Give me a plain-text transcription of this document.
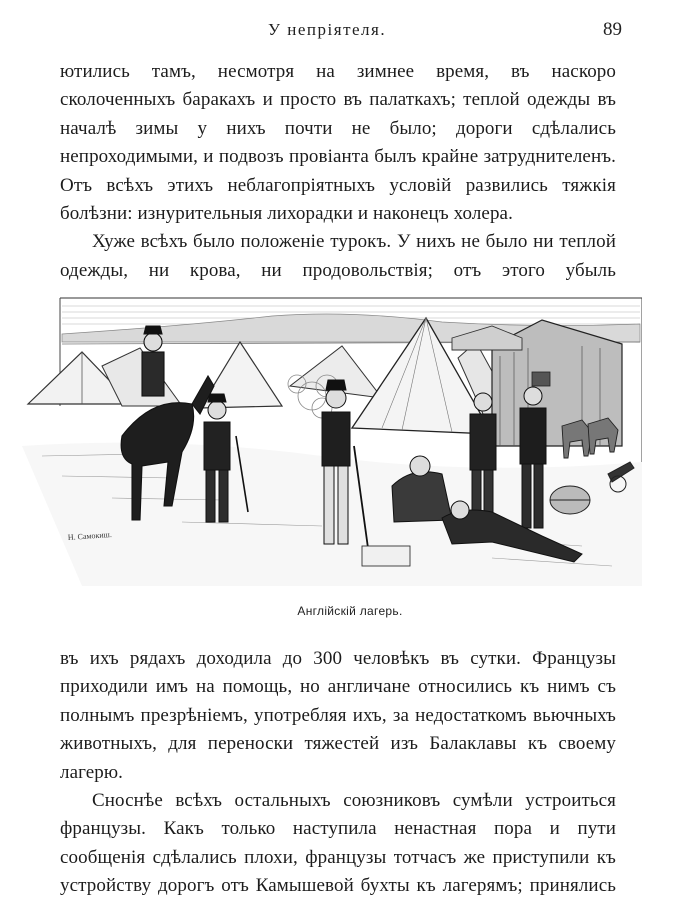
У непріятеля.	89

ютились тамъ, несмотря на зимнее время, въ наскоро сколоченныхъ баракахъ и просто въ палаткахъ; теплой одежды въ началѣ зимы у нихъ почти не было; дороги сдѣлались непроходимыми, и подвозъ провіанта былъ крайне затруднителенъ. Отъ всѣхъ этихъ неблагопріятныхъ условій развились тяжкія болѣзни: изнурительныя лихорадки и наконецъ холера.

Хуже всѣхъ было положеніе турокъ. У нихъ не было ни теплой одежды, ни крова, ни продовольствія; отъ этого убыль

Н. Самокиш.
Англійскій лагерь.

въ ихъ рядахъ доходила до 300 человѣкъ въ сутки. Французы приходили имъ на помощь, но англичане относились къ нимъ съ полнымъ презрѣніемъ, употребляя ихъ, за недостаткомъ вьючныхъ животныхъ, для переноски тяжестей изъ Балаклавы къ своему лагерю.

Сноснѣе всѣхъ остальныхъ союзниковъ сумѣли устроиться французы. Какъ только наступила ненастная пора и пути сообщенія сдѣлались плохи, французы тотчасъ же приступили къ устройству дорогъ отъ Камышевой бухты къ лагерямъ; принялись
